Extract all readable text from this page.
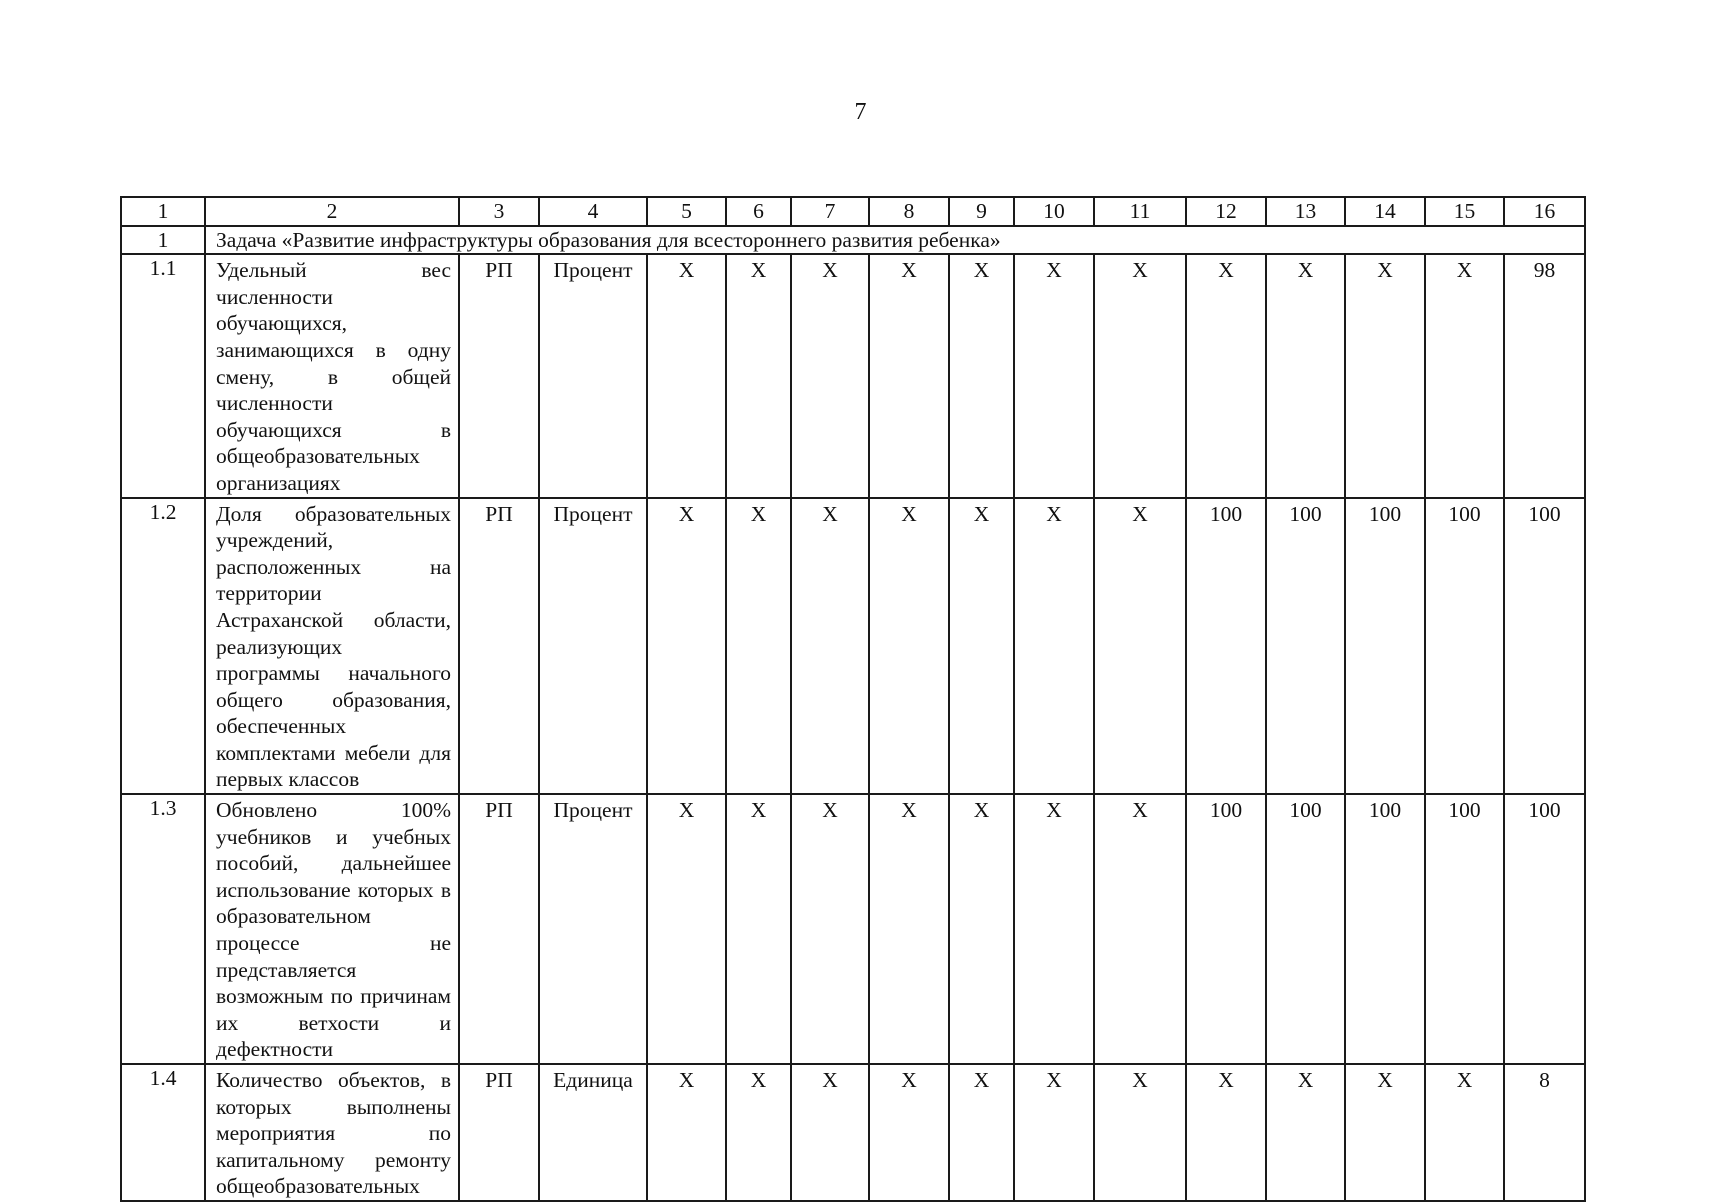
7
1	2	3	4	5	6	7	8	9	10	11	12	13	14	15	16
1	Задача «Развитие инфраструктуры образования для всестороннего развития ребенка»														
1.1	Удельный вес численности обучающихся, занимающихся в одну смену, в общей численности обучающихся в общеобразовательных организациях	РП	Процент	X	X	X	X	X	X	X	X	X	X	X	98
1.2	Доля образовательных учреждений, расположенных на территории Астраханской области, реализующих программы начального общего образования, обеспеченных комплектами мебели для первых классов	РП	Процент	X	X	X	X	X	X	X	100	100	100	100	100
1.3	Обновлено 100% учебников и учебных пособий, дальнейшее использование которых в образовательном процессе не представляется возможным по причинам их ветхости и дефектности	РП	Процент	X	X	X	X	X	X	X	100	100	100	100	100
1.4	Количество объектов, в которых выполнены мероприятия по капитальному ремонту общеобразовательных	РП	Единица	X	X	X	X	X	X	X	X	X	X	X	8
